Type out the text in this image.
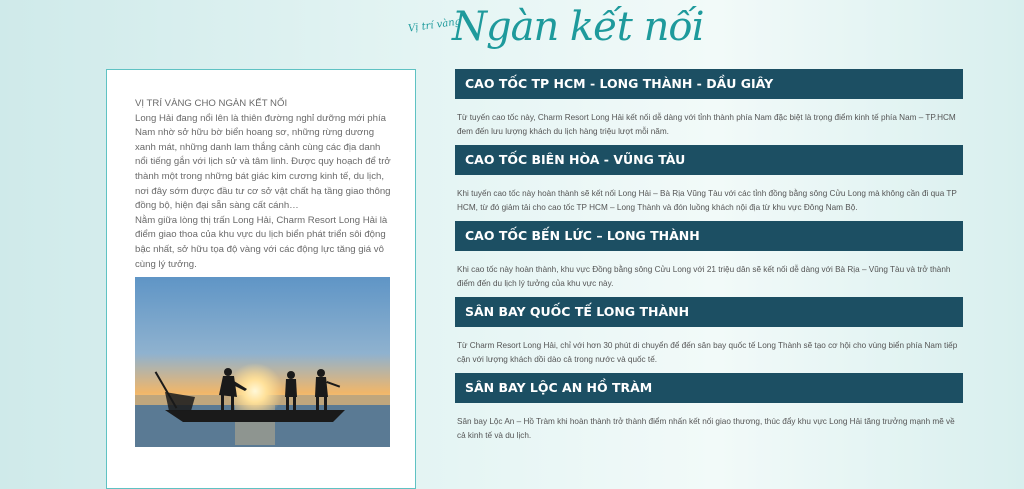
Vị trí vàng
Ngàn kết nối

VỊ TRÍ VÀNG CHO NGÀN KẾT NỐI

Long Hải đang nổi lên là thiên đường nghỉ dưỡng mới phía Nam nhờ sở hữu bờ biển hoang sơ, những rừng dương xanh mát, những danh lam thắng cảnh cùng các địa danh nổi tiếng gắn với lịch sử và tâm linh. Được quy hoạch để trở thành một trong những bát giác kim cương kinh tế, du lịch, nơi đây sớm được đầu tư cơ sở vật chất hạ tầng giao thông đồng bộ, hiện đại sẵn sàng cất cánh…

Nằm giữa lòng thị trấn Long Hải, Charm Resort Long Hải là điểm giao thoa của khu vực du lịch biển phát triển sôi động bậc nhất, sở hữu tọa độ vàng với các động lực tăng giá vô cùng lý tưởng.

CAO TỐC TP HCM - LONG THÀNH - DẦU GIÂY
Từ tuyến cao tốc này, Charm Resort Long Hải kết nối dễ dàng với tỉnh thành phía Nam đặc biệt là trọng điểm kinh tế phía Nam – TP.HCM đem đến lưu lượng khách du lịch hàng triệu lượt mỗi năm.
CAO TỐC BIÊN HÒA - VŨNG TÀU
Khi tuyến cao tốc này hoàn thành sẽ kết nối Long Hải – Bà Rịa Vũng Tàu với các tỉnh đồng bằng sông Cửu Long mà không cần đi qua TP HCM, từ đó giảm tải cho cao tốc TP HCM – Long Thành và đón luồng khách nội địa từ khu vực Đông Nam Bộ.
CAO TỐC BẾN LỨC – LONG THÀNH
Khi cao tốc này hoàn thành, khu vực Đồng bằng sông Cửu Long với 21 triệu dân sẽ kết nối dễ dàng với Bà Rịa – Vũng Tàu và trở thành điểm đến du lịch lý tưởng của khu vực này.
SÂN BAY QUỐC TẾ LONG THÀNH
Từ Charm Resort Long Hải, chỉ với hơn 30 phút di chuyển để đến sân bay quốc tế Long Thành sẽ tạo cơ hội cho vùng biển phía Nam tiếp cận với lượng khách dồi dào cả trong nước và quốc tế.
SÂN BAY LỘC AN HỒ TRÀM
Sân bay Lộc An – Hồ Tràm khi hoàn thành trở thành điểm nhấn kết nối giao thương, thúc đẩy khu vực Long Hải tăng trưởng mạnh mẽ về cả kinh tế và du lịch.
